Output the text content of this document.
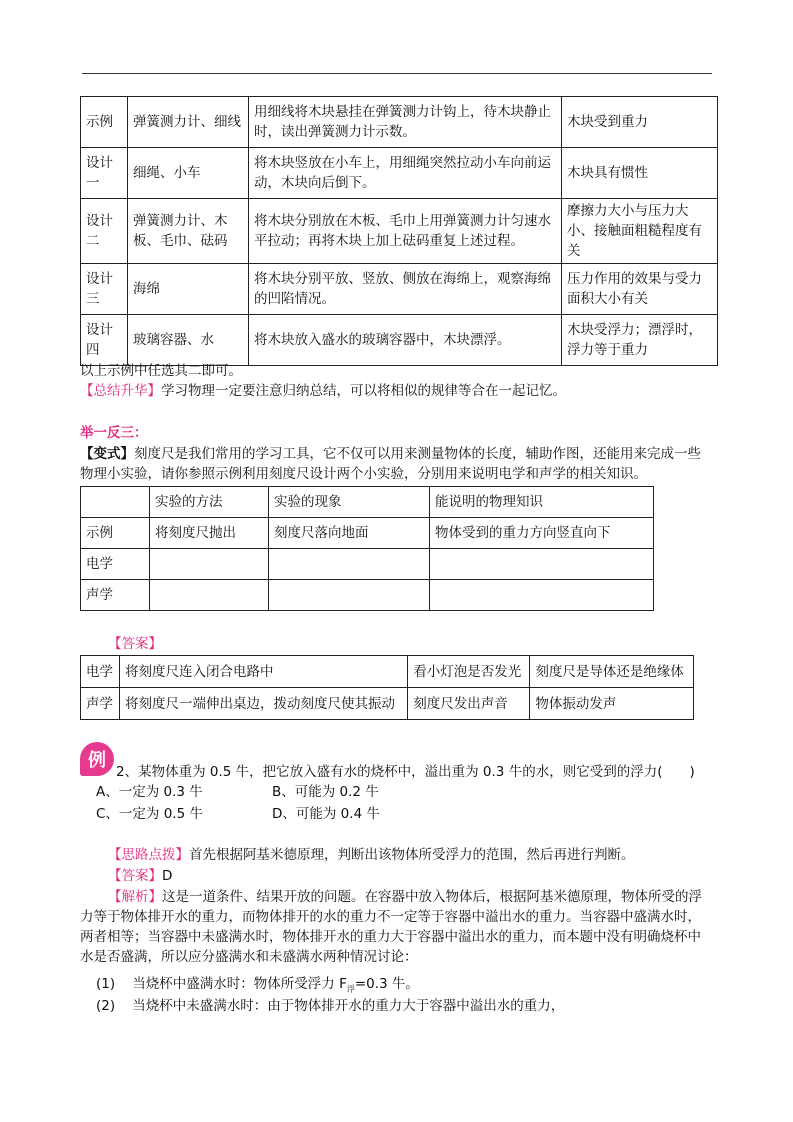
示例	弹簧测力计、细线	用细线将木块悬挂在弹簧测力计钩上，待木块静止时，读出弹簧测力计示数。	木块受到重力
设计一	细绳、小车	将木块竖放在小车上，用细绳突然拉动小车向前运动，木块向后倒下。	木块具有惯性
设计二	弹簧测力计、木板、毛巾、砝码	将木块分别放在木板、毛巾上用弹簧测力计匀速水平拉动；再将木块上加上砝码重复上述过程。	摩擦力大小与压力大小、接触面粗糙程度有关
设计三	海绵	将木块分别平放、竖放、侧放在海绵上，观察海绵的凹陷情况。	压力作用的效果与受力面积大小有关
设计四	玻璃容器、水	将木块放入盛水的玻璃容器中，木块漂浮。	木块受浮力；漂浮时，浮力等于重力
以上示例中任选其二即可。
【总结升华】学习物理一定要注意归纳总结，可以将相似的规律等合在一起记忆。
举一反三：
【变式】刻度尺是我们常用的学习工具，它不仅可以用来测量物体的长度，辅助作图，还能用来完成一些物理小实验，请你参照示例利用刻度尺设计两个小实验，分别用来说明电学和声学的相关知识。
	实验的方法	实验的现象	能说明的物理知识
示例	将刻度尺抛出	刻度尺落向地面	物体受到的重力方向竖直向下
电学			
声学			
【答案】
电学	将刻度尺连入闭合电路中	看小灯泡是否发光	刻度尺是导体还是绝缘体
声学	将刻度尺一端伸出桌边，拨动刻度尺使其振动	刻度尺发出声音	物体振动发声
例
2、某物体重为 0.5 牛，把它放入盛有水的烧杯中，溢出重为 0.3 牛的水，则它受到的浮力(　　)
A、一定为 0.3 牛	B、可能为 0.2 牛
C、一定为 0.5 牛	D、可能为 0.4 牛
【思路点拨】首先根据阿基米德原理，判断出该物体所受浮力的范围，然后再进行判断。
【答案】D
【解析】这是一道条件、结果开放的问题。在容器中放入物体后，根据阿基米德原理，物体所受的浮力等于物体排开水的重力，而物体排开的水的重力不一定等于容器中溢出水的重力。当容器中盛满水时，两者相等；当容器中未盛满水时，物体排开水的重力大于容器中溢出水的重力，而本题中没有明确烧杯中水是否盛满，所以应分盛满水和未盛满水两种情况讨论：
(1) 当烧杯中盛满水时：物体所受浮力 $F_浮=0.3$ 牛。
(2) 当烧杯中未盛满水时：由于物体排开水的重力大于容器中溢出水的重力，
